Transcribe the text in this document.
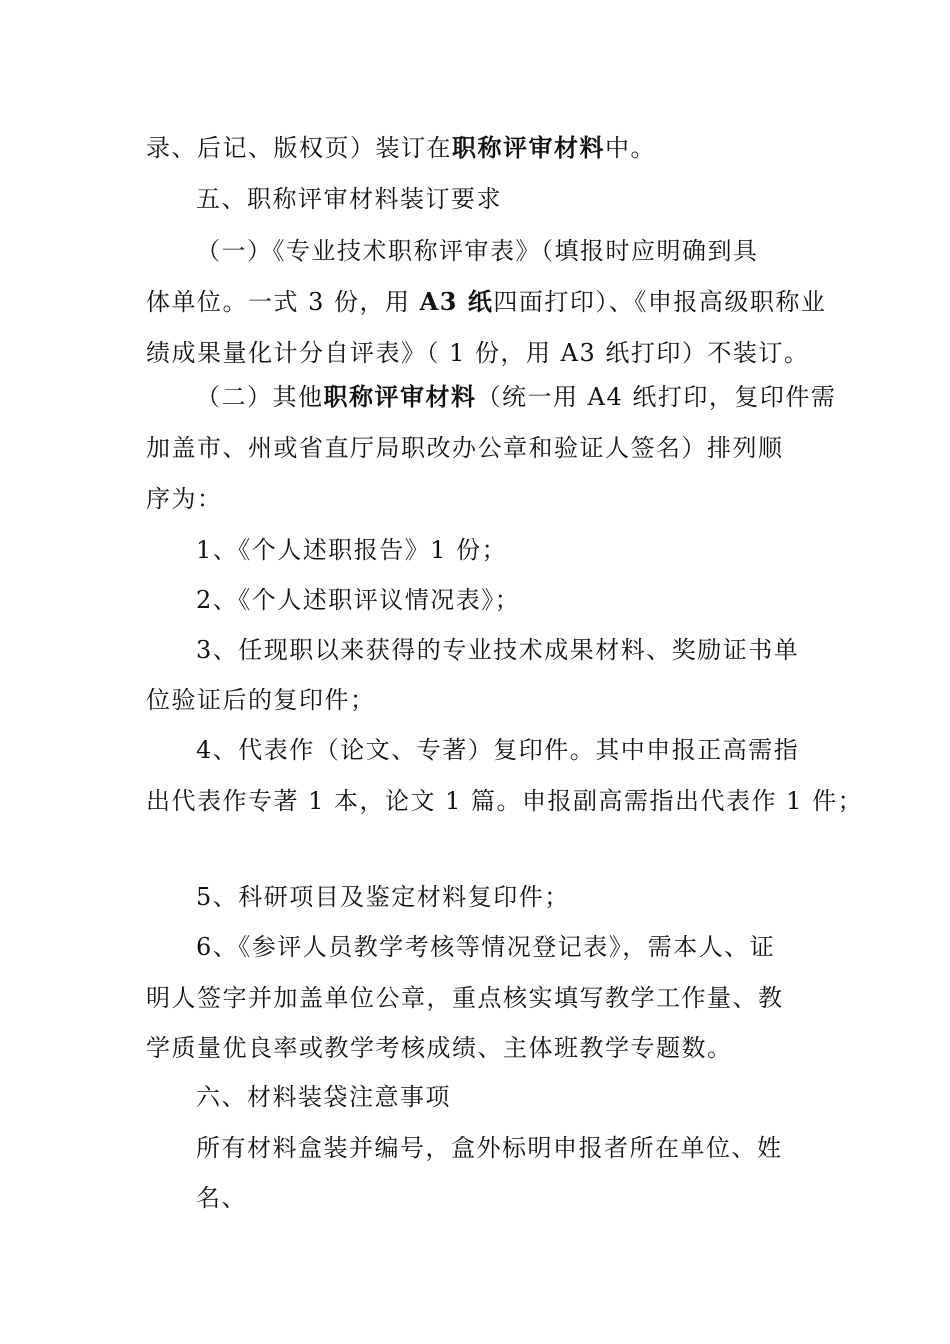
录、后记、版权页）装订在职称评审材料中。
五、职称评审材料装订要求
（一）《专业技术职称评审表》（填报时应明确到具
体单位。一式 3 份，用 A3 纸四面打印）、《申报高级职称业
绩成果量化计分自评表》（ 1 份，用 A3 纸打印）不装订。
（二）其他职称评审材料（统一用 A4 纸打印，复印件需
加盖市、州或省直厅局职改办公章和验证人签名）排列顺
序为：
1、《个人述职报告》1 份；
2、《个人述职评议情况表》；
3、任现职以来获得的专业技术成果材料、奖励证书单
位验证后的复印件；
4、代表作（论文、专著）复印件。其中申报正高需指
出代表作专著 1 本，论文 1 篇。申报副高需指出代表作 1 件；
5、科研项目及鉴定材料复印件；
6、《参评人员教学考核等情况登记表》，需本人、证
明人签字并加盖单位公章，重点核实填写教学工作量、教
学质量优良率或教学考核成绩、主体班教学专题数。
六、材料装袋注意事项
所有材料盒装并编号，盒外标明申报者所在单位、姓
名、
